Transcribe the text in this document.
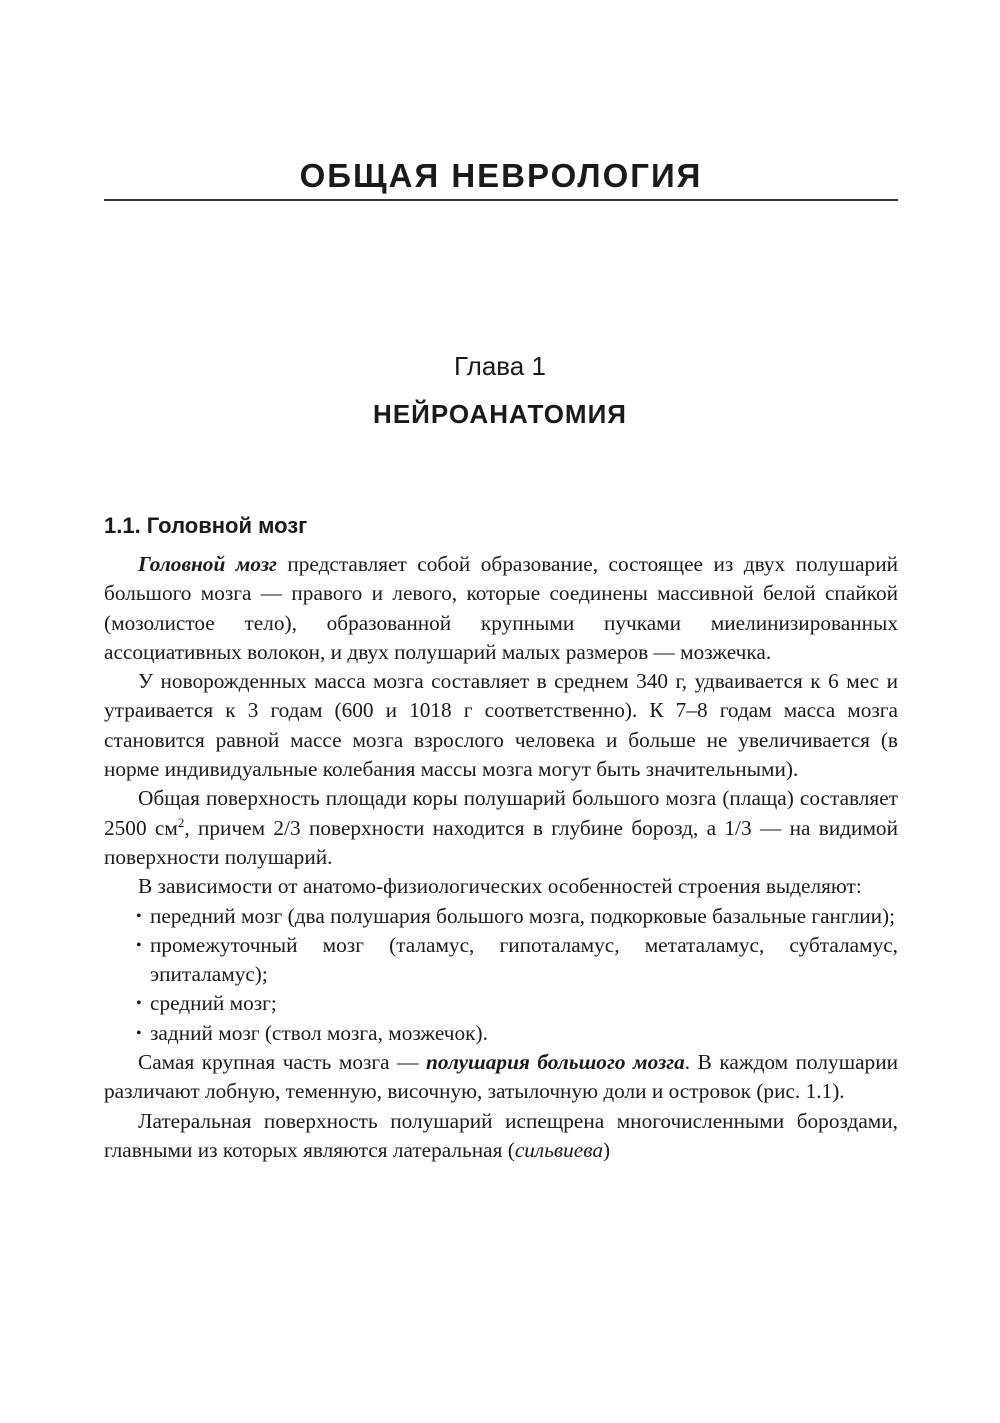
ОБЩАЯ НЕВРОЛОГИЯ
Глава 1
НЕЙРОАНАТОМИЯ
1.1. Головной мозг

Головной мозг представляет собой образование, состоящее из двух полушарий большого мозга — правого и левого, которые соединены массивной белой спайкой (мозолистое тело), образованной крупными пучками миелинизированных ассоциативных волокон, и двух полушарий малых размеров — мозжечка.

У новорожденных масса мозга составляет в среднем 340 г, удваивается к 6 мес и утраивается к 3 годам (600 и 1018 г соответственно). К 7–8 годам масса мозга становится равной массе мозга взрослого человека и больше не увеличивается (в норме индивидуальные колебания массы мозга могут быть значительными).

Общая поверхность площади коры полушарий большого мозга (плаща) составляет 2500 $см^2$, причем 2/3 поверхности находится в глубине борозд, а 1/3 — на видимой поверхности полушарий.

В зависимости от анатомо-физиологических особенностей строения выделяют:

• передний мозг (два полушария большого мозга, подкорковые базальные ганглии);
• промежуточный мозг (таламус, гипоталамус, метаталамус, субталамус, эпиталамус);
• средний мозг;
• задний мозг (ствол мозга, мозжечок).

Самая крупная часть мозга — полушария большого мозга. В каждом полушарии различают лобную, теменную, височную, затылочную доли и островок (рис. 1.1).

Латеральная поверхность полушарий испещрена многочисленными бороздами, главными из которых являются латеральная (сильвиева)
